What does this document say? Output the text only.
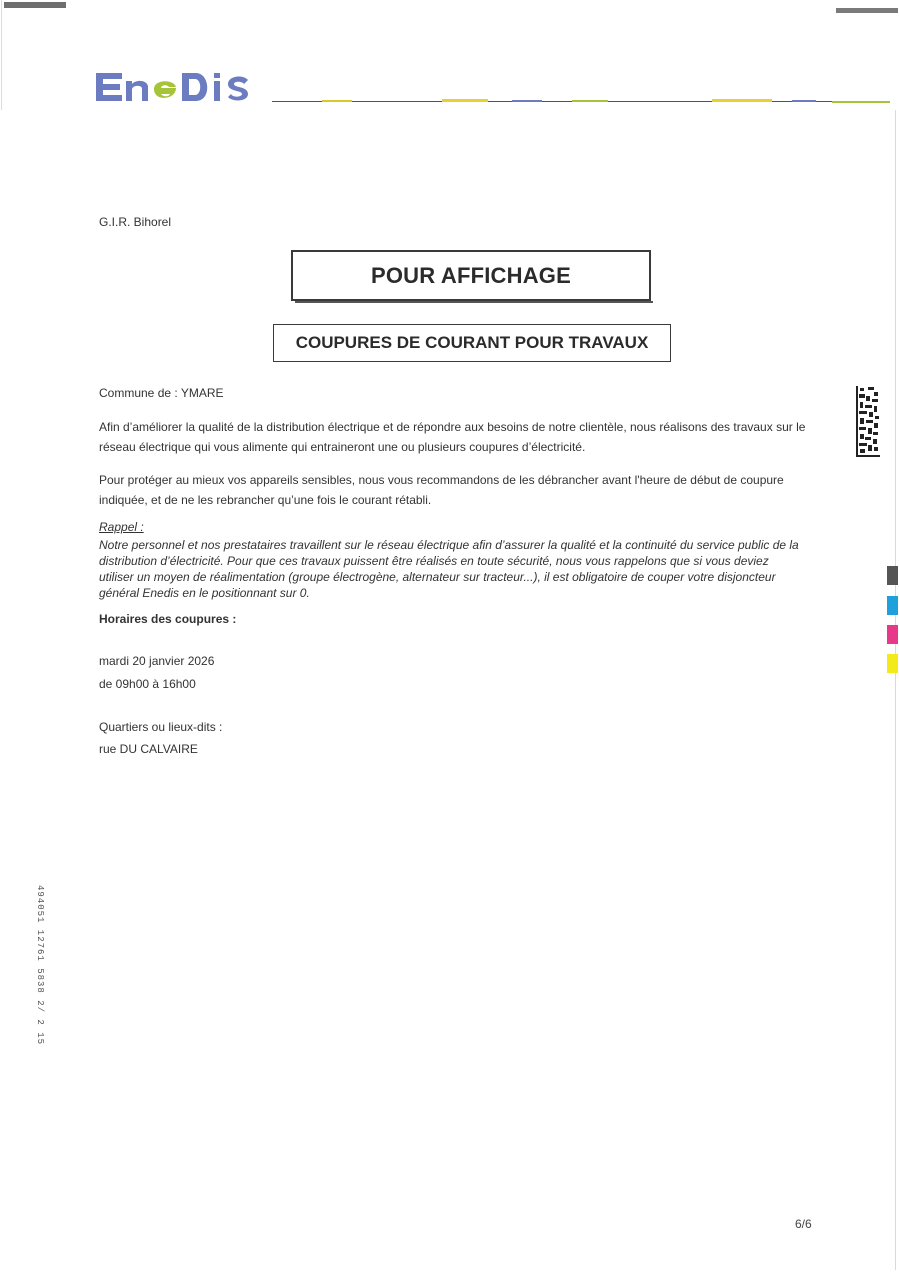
G.I.R. Bihorel
POUR AFFICHAGE
COUPURES DE COURANT POUR TRAVAUX
Commune de : YMARE
Afin d’améliorer la qualité de la distribution électrique et de répondre aux besoins de notre clientèle, nous réalisons des travaux sur le réseau électrique qui vous alimente qui entraineront une ou plusieurs coupures d’électricité.
Pour protéger au mieux vos appareils sensibles, nous vous recommandons de les débrancher avant l'heure de début de coupure indiquée, et de ne les rebrancher qu’une fois le courant rétabli.
Rappel :
Notre personnel et nos prestataires travaillent sur le réseau électrique afin d’assurer la qualité et la continuité du service public de la distribution d’électricité. Pour que ces travaux puissent être réalisés en toute sécurité, nous vous rappelons que si vous deviez utiliser un moyen de réalimentation (groupe électrogène, alternateur sur tracteur...), il est obligatoire de couper votre disjoncteur général Enedis en le positionnant sur 0.
Horaires des coupures :
mardi 20 janvier 2026
de 09h00 à 16h00
Quartiers ou lieux-dits :
rue DU CALVAIRE
494051 12761 5838 2/ 2 15
6/6
